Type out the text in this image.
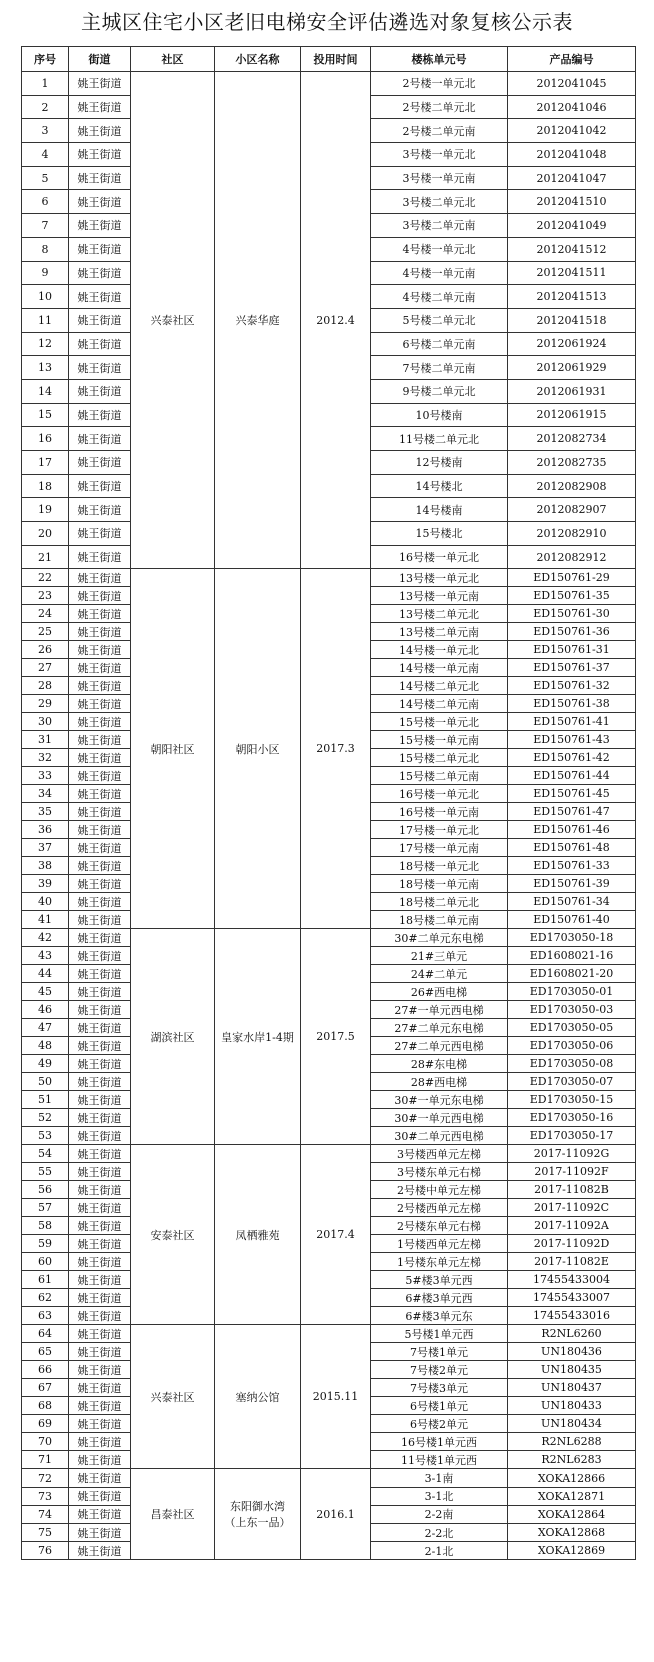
主城区住宅小区老旧电梯安全评估遴选对象复核公示表
序号	街道	社区	小区名称	投用时间	楼栋单元号	产品编号
1	姚王街道	兴泰社区	兴泰华庭	2012.4	2号楼一单元北	2012041045
2	姚王街道				2号楼二单元北	2012041046
3	姚王街道				2号楼二单元南	2012041042
4	姚王街道				3号楼一单元北	2012041048
5	姚王街道				3号楼一单元南	2012041047
6	姚王街道				3号楼二单元北	2012041510
7	姚王街道				3号楼二单元南	2012041049
8	姚王街道				4号楼一单元北	2012041512
9	姚王街道				4号楼一单元南	2012041511
10	姚王街道				4号楼二单元南	2012041513
11	姚王街道				5号楼二单元北	2012041518
12	姚王街道				6号楼二单元南	2012061924
13	姚王街道				7号楼二单元南	2012061929
14	姚王街道				9号楼二单元北	2012061931
15	姚王街道				10号楼南	2012061915
16	姚王街道				11号楼二单元北	2012082734
17	姚王街道				12号楼南	2012082735
18	姚王街道				14号楼北	2012082908
19	姚王街道				14号楼南	2012082907
20	姚王街道				15号楼北	2012082910
21	姚王街道				16号楼一单元北	2012082912
22	姚王街道	朝阳社区	朝阳小区	2017.3	13号楼一单元北	ED150761-29
23	姚王街道				13号楼一单元南	ED150761-35
24	姚王街道				13号楼二单元北	ED150761-30
25	姚王街道				13号楼二单元南	ED150761-36
26	姚王街道				14号楼一单元北	ED150761-31
27	姚王街道				14号楼一单元南	ED150761-37
28	姚王街道				14号楼二单元北	ED150761-32
29	姚王街道				14号楼二单元南	ED150761-38
30	姚王街道				15号楼一单元北	ED150761-41
31	姚王街道				15号楼一单元南	ED150761-43
32	姚王街道				15号楼二单元北	ED150761-42
33	姚王街道				15号楼二单元南	ED150761-44
34	姚王街道				16号楼一单元北	ED150761-45
35	姚王街道				16号楼一单元南	ED150761-47
36	姚王街道				17号楼一单元北	ED150761-46
37	姚王街道				17号楼一单元南	ED150761-48
38	姚王街道				18号楼一单元北	ED150761-33
39	姚王街道				18号楼一单元南	ED150761-39
40	姚王街道				18号楼二单元北	ED150761-34
41	姚王街道				18号楼二单元南	ED150761-40
42	姚王街道	湖滨社区	皇家水岸1-4期	2017.5	30#二单元东电梯	ED1703050-18
43	姚王街道				21#三单元	ED1608021-16
44	姚王街道				24#二单元	ED1608021-20
45	姚王街道				26#西电梯	ED1703050-01
46	姚王街道				27#一单元西电梯	ED1703050-03
47	姚王街道				27#二单元东电梯	ED1703050-05
48	姚王街道				27#二单元西电梯	ED1703050-06
49	姚王街道				28#东电梯	ED1703050-08
50	姚王街道				28#西电梯	ED1703050-07
51	姚王街道				30#一单元东电梯	ED1703050-15
52	姚王街道				30#一单元西电梯	ED1703050-16
53	姚王街道				30#二单元西电梯	ED1703050-17
54	姚王街道	安泰社区	凤栖雅苑	2017.4	3号楼西单元左梯	2017-11092G
55	姚王街道				3号楼东单元右梯	2017-11092F
56	姚王街道				2号楼中单元左梯	2017-11082B
57	姚王街道				2号楼西单元左梯	2017-11092C
58	姚王街道				2号楼东单元右梯	2017-11092A
59	姚王街道				1号楼西单元左梯	2017-11092D
60	姚王街道				1号楼东单元左梯	2017-11082E
61	姚王街道				5#楼3单元西	17455433004
62	姚王街道				6#楼3单元西	17455433007
63	姚王街道				6#楼3单元东	17455433016
64	姚王街道	兴泰社区	塞纳公馆	2015.11	5号楼1单元西	R2NL6260
65	姚王街道				7号楼1单元	UN180436
66	姚王街道				7号楼2单元	UN180435
67	姚王街道				7号楼3单元	UN180437
68	姚王街道				6号楼1单元	UN180433
69	姚王街道				6号楼2单元	UN180434
70	姚王街道				16号楼1单元西	R2NL6288
71	姚王街道				11号楼1单元西	R2NL6283
72	姚王街道	昌泰社区	东阳御水湾
（上东一品）	2016.1	3-1南	XOKA12866
73	姚王街道				3-1北	XOKA12871
74	姚王街道				2-2南	XOKA12864
75	姚王街道				2-2北	XOKA12868
76	姚王街道				2-1北	XOKA12869
